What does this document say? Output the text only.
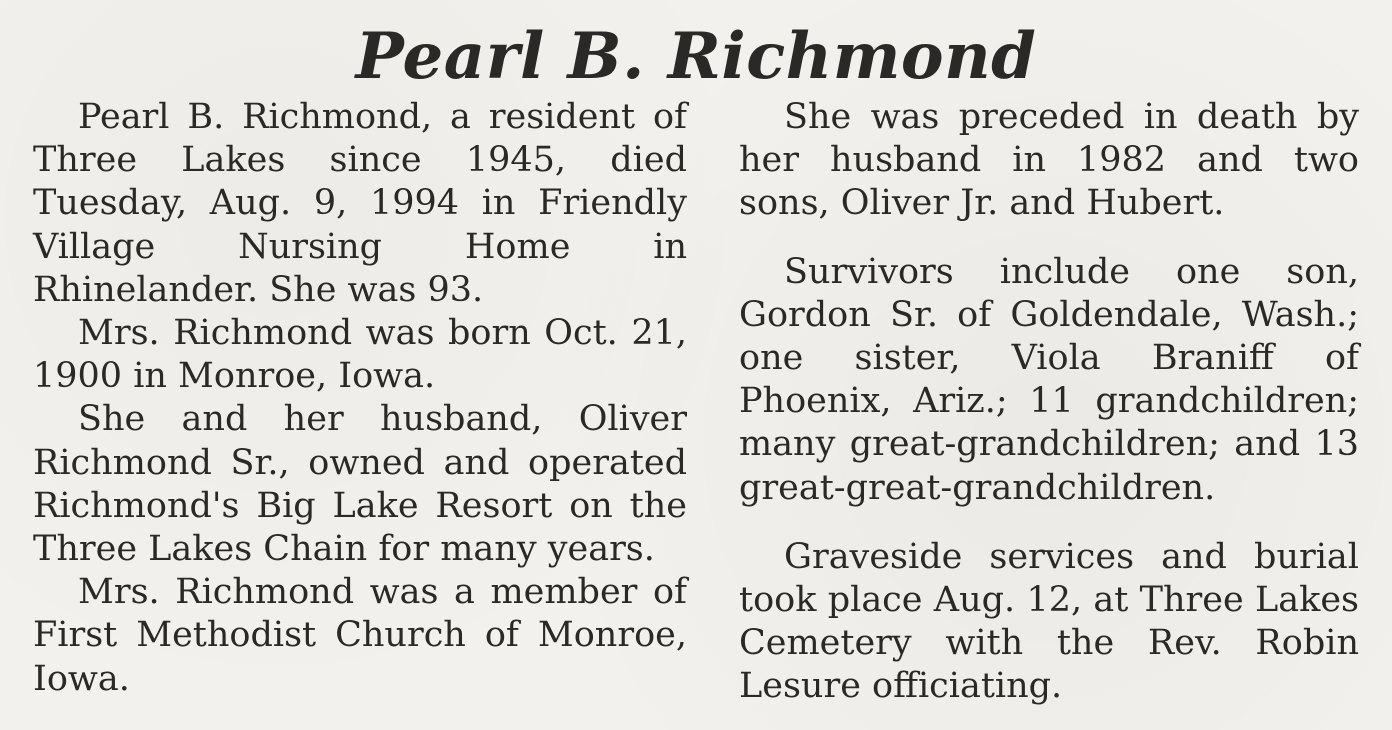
Pearl B. Richmond

Pearl B. Richmond, a resident of Three Lakes since 1945, died Tuesday, Aug. 9, 1994 in Friendly Village Nursing Home in Rhinelander. She was 93.

Mrs. Richmond was born Oct. 21, 1900 in Monroe, Iowa.

She and her husband, Oliver Richmond Sr., owned and operated Richmond's Big Lake Resort on the Three Lakes Chain for many years.

Mrs. Richmond was a member of First Methodist Church of Monroe, Iowa.

She was preceded in death by her husband in 1982 and two sons, Oliver Jr. and Hubert.

Survivors include one son, Gordon Sr. of Goldendale, Wash.; one sister, Viola Braniff of Phoenix, Ariz.; 11 grandchildren; many great-grandchildren; and 13 great-great-grandchildren.

Graveside services and burial took place Aug. 12, at Three Lakes Cemetery with the Rev. Robin Lesure officiating.
